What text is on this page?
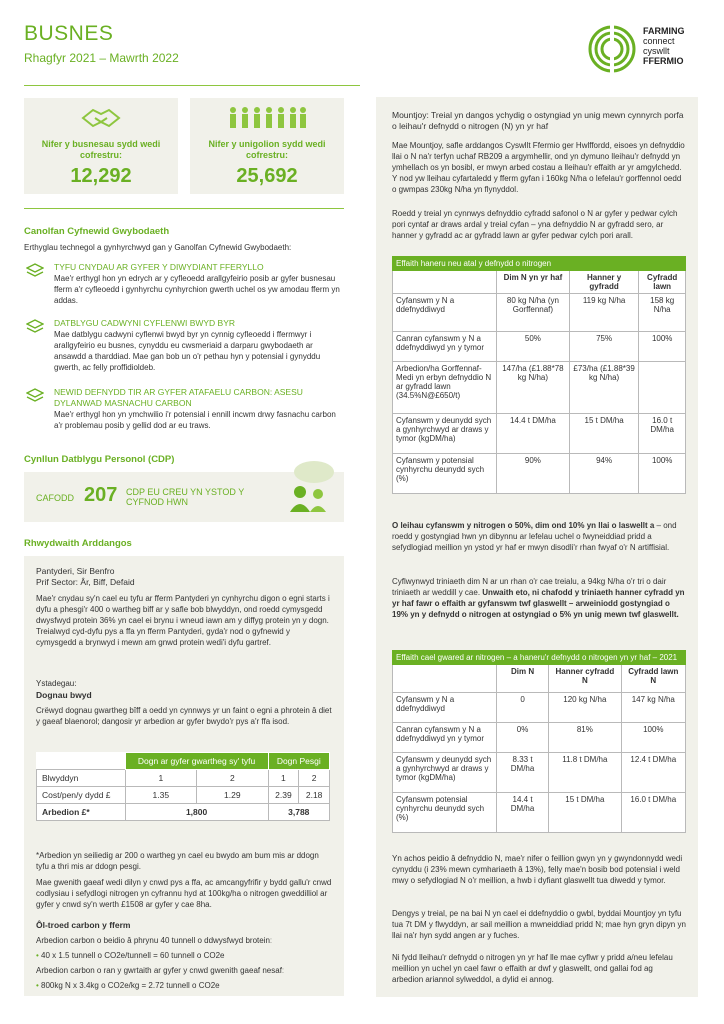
BUSNES
Rhagfyr 2021 – Mawrth 2022
FARMING
connect
cyswllt
FFERMIO
Nifer y busnesau sydd wedi cofrestru:
12,292
Nifer y unigolion sydd wedi cofrestru:
25,692
Canolfan Cyfnewid Gwybodaeth
Erthyglau technegol a gynhyrchwyd gan y Ganolfan Cyfnewid Gwybodaeth:
TYFU CNYDAU AR GYFER Y DIWYDIANT FFERYLLO
Mae'r erthygl hon yn edrych ar y cyfleoedd arallgyfeirio posib ar gyfer busnesau fferm a'r cyfleoedd i gynhyrchu cynhyrchion gwerth uchel os yw amodau fferm yn addas.
DATBLYGU CADWYNI CYFLENWI BWYD BYR
Mae datblygu cadwyni cyflenwi bwyd byr yn cynnig cyfleoedd i ffermwyr i arallgyfeirio eu busnes, cynyddu eu cwsmeriaid a darparu gwybodaeth ar ansawdd a tharddiad. Mae gan bob un o'r pethau hyn y potensial i gynyddu gwerth, ac felly proffidioldeb.
NEWID DEFNYDD TIR AR GYFER ATAFAELU CARBON: ASESU DYLANWAD MASNACHU CARBON
Mae'r erthygl hon yn ymchwilio i'r potensial i ennill incwm drwy fasnachu carbon a'r problemau posib y gellid dod ar eu traws.
Cynllun Datblygu Personol (CDP)
CAFODD 207 CDP EU CREU YN YSTOD Y CYFNOD HWN
Rhwydwaith Arddangos
Pantyderi, Sir Benfro
Prif Sector: Âr, Biff, Defaid
Mae'r cnydau sy'n cael eu tyfu ar fferm Pantyderi yn cynhyrchu digon o egni starts i dyfu a phesgi'r 400 o wartheg biff ar y safle bob blwyddyn, ond roedd cymysgedd dwysfwyd protein 36% yn cael ei brynu i wneud iawn am y diffyg protein yn y dogn. Treialwyd cyd-dyfu pys a ffa yn fferm Pantyderi, gyda'r nod o gyfnewid y cymysgedd a brynwyd i mewn am gnwd protein wedi'i dyfu gartref.
Ystadegau:
Dognau bwyd
Crëwyd dognau gwartheg bîff a oedd yn cynnwys yr un faint o egni a phrotein â diet y gaeaf blaenorol; dangosir yr arbedion ar gyfer bwydo'r pys a'r ffa isod.
	Dogn ar gyfer gwartheg sy' tyfu		Dogn Pesgi	
Blwyddyn	1	2	1	2
Cost/pen/y dydd £	1.35	1.29	2.39	2.18
Arbedion £*	1,800		3,788	
*Arbedion yn seiliedig ar 200 o wartheg yn cael eu bwydo am bum mis ar ddogn tyfu a thri mis ar ddogn pesgi.
Mae gwenith gaeaf wedi dilyn y cnwd pys a ffa, ac amcangyfrifir y bydd gallu'r cnwd codlysiau i sefydlogi nitrogen yn cyfrannu hyd at 100kg/ha o nitrogen gweddilliol ar gyfer y cnwd sy'n werth £1508 ar gyfer y cae 8ha.
Ôl-troed carbon y fferm
Arbedion carbon o beidio â phrynu 40 tunnell o ddwysfwyd broteinː
• 40 x 1.5 tunnell o CO2e/tunnell = 60 tunnell o CO2e
Arbedion carbon o ran y gwrtaith ar gyfer y cnwd gwenith gaeaf nesafː
• 800kg N x 3.4kg o CO2e/kg = 2.72 tunnell o CO2e
Mountjoy: Treial yn dangos ychydig o ostyngiad yn unig mewn cynnyrch porfa o leihau'r defnydd o nitrogen (N) yn yr haf
Mae Mountjoy, safle arddangos Cyswllt Ffermio ger Hwlffordd, eisoes yn defnyddio llai o N na'r terfyn uchaf RB209 a argymhellir, ond yn dymuno lleihau'r defnydd yn ymhellach os yn bosibl, er mwyn arbed costau a lleihau'r effaith ar yr amgylchedd. Y nod yw lleihau cyfartaledd y fferm gyfan i 160kg N/ha o lefelau'r gorffennol oedd o gwmpas 230kg N/ha yn flynyddol.
Roedd y treial yn cynnwys defnyddio cyfradd safonol o N ar gyfer y pedwar cylch pori cyntaf ar draws ardal y treial cyfan – yna defnyddio N ar gyfradd sero, ar hanner y gyfradd ac ar gyfradd lawn ar gyfer pedwar cylch pori arall.
Effaith haneru neu atal y defnydd o nitrogen			
	Dim N yn yr haf	Hanner y gyfradd	Cyfradd lawn
Cyfanswm y N a ddefnyddiwyd	80 kg N/ha (yn Gorffennaf)	119 kg N/ha	158 kg N/ha
Canran cyfanswm y N a ddefnyddiwyd yn y tymor	50%	75%	100%
Arbedion/ha Gorffennaf-Medi yn erbyn defnyddio N ar gyfradd lawn (34.5%N@£650/t)	147/ha (£1.88*78 kg N/ha)	£73/ha (£1.88*39 kg N/ha)	
Cyfanswm y deunydd sych a gynhyrchwyd ar draws y tymor (kgDM/ha)	14.4 t DM/ha	15 t DM/ha	16.0 t DM/ha
Cyfanswm y potensial cynhyrchu deunydd sych (%)	90%	94%	100%
O leihau cyfanswm y nitrogen o 50%, dim ond 10% yn llai o laswellt a – ond roedd y gostyngiad hwn yn dibynnu ar lefelau uchel o fwyneiddiad pridd a sefydlogiad meillion yn ystod yr haf er mwyn disodli'r rhan fwyaf o'r N artiffisial.
Cyflwynwyd triniaeth dim N ar un rhan o'r cae treialu, a 94kg N/ha o'r tri o dair triniaeth ar weddill y cae. Unwaith eto, ni chafodd y triniaeth hanner cyfradd yn yr haf fawr o effaith ar gyfanswm twf glaswellt – arweiniodd gostyngiad o 19% yn y defnydd o nitrogen at ostyngiad o 5% yn unig mewn twf glaswellt.
Effaith cael gwared ar nitrogen – a haneru'r defnydd o nitrogen yn yr haf – 2021			
	Dim N	Hanner cyfradd N	Cyfradd lawn N
Cyfanswm y N a ddefnyddiwyd	0	120 kg N/ha	147 kg N/ha
Canran cyfanswm y N a ddefnyddiwyd yn y tymor	0%	81%	100%
Cyfanswm y deunydd sych a gynhyrchwyd ar draws y tymor (kgDM/ha)	8.33 t DM/ha	11.8 t DM/ha	12.4 t DM/ha
Cyfanswm potensial cynhyrchu deunydd sych (%)	14.4 t DM/ha	15 t DM/ha	16.0 t DM/ha
Yn achos peidio â defnyddio N, mae'r nifer o feillion gwyn yn y gwyndonnydd wedi cynyddu (i 23% mewn cymhariaeth â 13%), felly mae'n bosib bod potensial i weld mwy o sefydlogiad N o'r meillion, a hwb i dyfiant glaswellt tua diwedd y tymor.
Dengys y treial, pe na bai N yn cael ei ddefnyddio o gwbl, byddai Mountjoy yn tyfu tua 7t DM y flwyddyn, ar sail meillion a mwneiddiad pridd N; mae hyn gryn dipyn yn llai na'r hyn sydd angen ar y fuches.
Ni fydd lleihau'r defnydd o nitrogen yn yr haf lle mae cyflwr y pridd a/neu lefelau meillion yn uchel yn cael fawr o effaith ar dwf y glaswellt, ond gallai fod ag arbedion ariannol sylweddol, a dylid ei annog.
